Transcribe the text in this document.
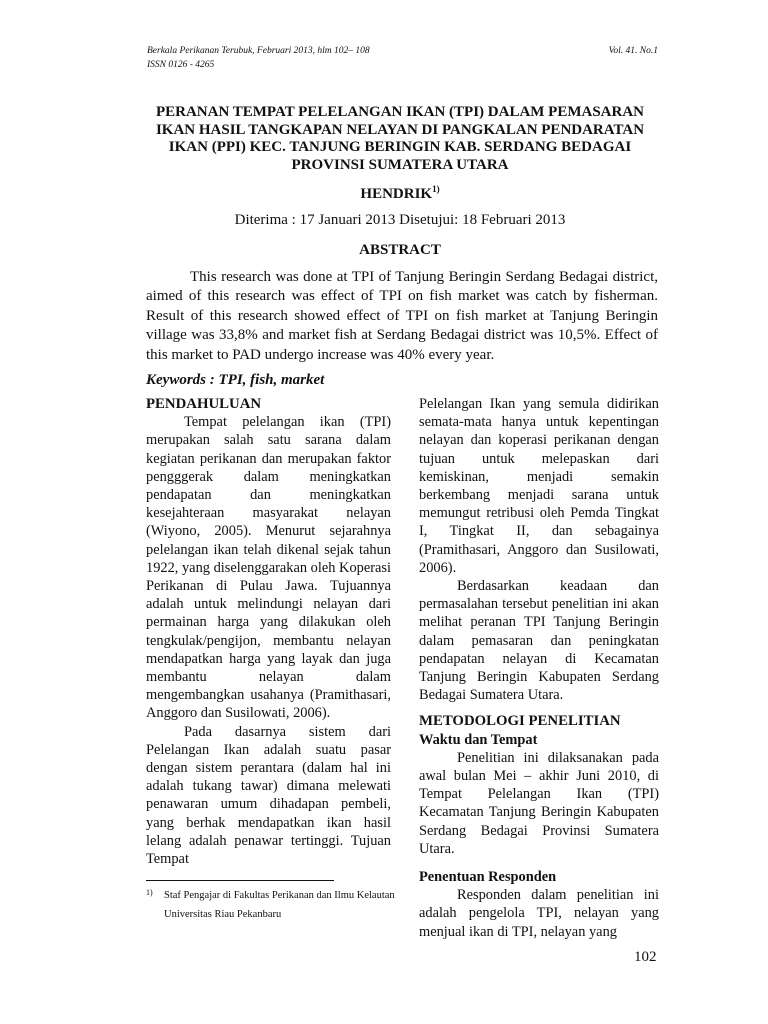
Berkala Perikanan Terubuk, Februari 2013, hlm 102– 108
ISSN 0126 - 4265
Vol. 41. No.1
PERANAN TEMPAT PELELANGAN IKAN (TPI) DALAM PEMASARAN IKAN HASIL TANGKAPAN NELAYAN DI PANGKALAN PENDARATAN IKAN (PPI) KEC. TANJUNG BERINGIN KAB. SERDANG BEDAGAI PROVINSI SUMATERA UTARA
HENDRIK$^{1)}$
Diterima : 17 Januari 2013 Disetujui: 18 Februari 2013
ABSTRACT

This research was done at TPI of Tanjung Beringin Serdang Bedagai district, aimed of this research was effect of TPI on fish market was catch by fisherman. Result of this research showed effect of TPI on fish market at Tanjung Beringin village was 33,8% and market fish at Serdang Bedagai district was 10,5%. Effect of this market to PAD undergo increase was 40% every year.

Keywords : TPI, fish, market
PENDAHULUAN

Tempat pelelangan ikan (TPI) merupakan salah satu sarana dalam kegiatan perikanan dan merupakan faktor pengggerak dalam meningkatkan pendapatan dan meningkatkan kesejahteraan masyarakat nelayan (Wiyono, 2005). Menurut sejarahnya pelelangan ikan telah dikenal sejak tahun 1922, yang diselenggarakan oleh Koperasi Perikanan di Pulau Jawa. Tujuannya adalah untuk melindungi nelayan dari permainan harga yang dilakukan oleh tengkulak/pengijon, membantu nelayan mendapatkan harga yang layak dan juga membantu nelayan dalam mengembangkan usahanya (Pramithasari, Anggoro dan Susilowati, 2006).

Pada dasarnya sistem dari Pelelangan Ikan adalah suatu pasar dengan sistem perantara (dalam hal ini adalah tukang tawar) dimana melewati penawaran umum dihadapan pembeli, yang berhak mendapatkan ikan hasil lelang adalah penawar tertinggi. Tujuan Tempat

Pelelangan Ikan yang semula didirikan semata-mata hanya untuk kepentingan nelayan dan koperasi perikanan dengan tujuan untuk melepaskan dari kemiskinan, menjadi semakin berkembang menjadi sarana untuk memungut retribusi oleh Pemda Tingkat I, Tingkat II, dan sebagainya (Pramithasari, Anggoro dan Susilowati, 2006).

Berdasarkan keadaan dan permasalahan tersebut penelitian ini akan melihat peranan TPI Tanjung Beringin dalam pemasaran dan peningkatan pendapatan nelayan di Kecamatan Tanjung Beringin Kabupaten Serdang Bedagai Sumatera Utara.

METODOLOGI PENELITIAN
Waktu dan Tempat

Penelitian ini dilaksanakan pada awal bulan Mei – akhir Juni 2010, di Tempat Pelelangan Ikan (TPI) Kecamatan Tanjung Beringin Kabupaten Serdang Bedagai Provinsi Sumatera Utara.

Penentuan Responden

Responden dalam penelitian ini adalah pengelola TPI, nelayan yang menjual ikan di TPI, nelayan yang

1) Staf Pengajar di Fakultas Perikanan dan Ilmu Kelautan Universitas Riau Pekanbaru
102
